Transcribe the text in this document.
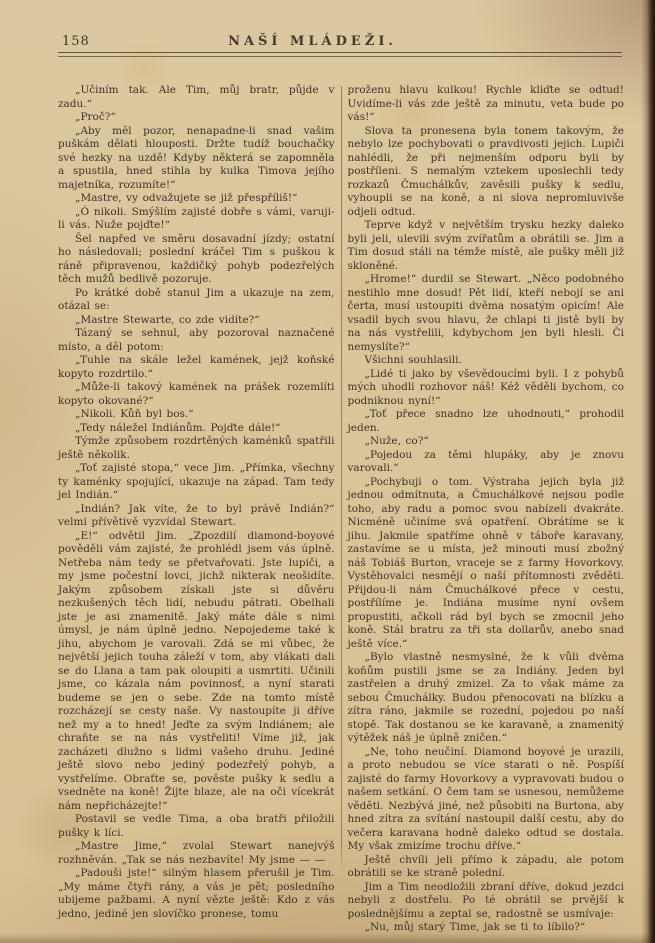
158	NAŠÍ MLÁDEŽI.

„Učiním tak. Ale Tim, můj bratr, půjde v zadu.“

„Proč?“

„Aby měl pozor, nenapadne-li snad vašim puškám dělati hlouposti. Držte tudíž bouchačky své hezky na uzdě! Kdyby některá se zapomněla a spustila, hned stihla by kulka Timova jejího majetníka, rozumíte!“

„Mastre, vy odvažujete se již přespříliš!“

„Ó nikoli. Smýšlím zajisté dobře s vámi, varuji-li vás. Nuže pojďte!“

Šel napřed ve směru dosavadní jízdy; ostatní ho následovali; poslední kráčel Tim s puškou k ráně připravenou, každičký pohyb podezřelých těch mužů bedlivě pozoruje.

Po krátké době stanul Jim a ukazuje na zem, otázal se:

„Mastre Stewarte, co zde vidíte?“

Tázaný se sehnul, aby pozoroval naznačené místo, a děl potom:

„Tuhle na skále ležel kamének, jejž koňské kopyto rozdrtilo.“

„Může-li takový kamének na prášek rozemlíti kopyto okované?“

„Nikoli. Kůň byl bos.“

„Tedy náležel Indiánům. Pojďte dále!“

Týmže způsobem rozdrtěných kaménků spatřili ještě několik.

„Toť zajisté stopa,“ vece Jim. „Přímka, všechny ty kaménky spojující, ukazuje na západ. Tam tedy jel Indián.“

„Indián? Jak víte, že to byl právě Indián?“ velmi přívětivě vyzvídal Stewart.

„E!“ odvětil Jim. „Zpozdilí diamond-boyové pověděli vám zajisté, že prohlédl jsem vás úplně. Netřeba nám tedy se přetvařovati. Jste lupiči, a my jsme počestní lovci, jichž nikterak neošidíte. Jakým způsobem získali jste si důvěru nezkušených těch lidí, nebudu pátrati. Obelhali jste je asi znamenitě. Jaký máte dále s nimi úmysl, je nám úplně jedno. Nepojedeme také k jihu, abychom je varovali. Zdá se mi vůbec, že největší jejich touha záleží v tom, aby vlákati dali se do Llana a tam pak oloupiti a usmrtiti. Učinili jsme, co kázala nám povinnosť, a nyní starati budeme se jen o sebe. Zde na tomto místě rozcházejí se cesty naše. Vy nastoupíte ji dříve než my a to hned! Jeďte za svým Indiánem; ale chraňte se na nás vystřeliti! Víme již, jak zacházeti dlužno s lidmi vašeho druhu. Jediné ještě slovo nebo jediný podezřelý pohyb, a vystřelíme. Obraťte se, pověste pušky k sedlu a vsedněte na koně! Žijte blaze, ale na oči vícekrát nám nepřicházejte!“

Postavil se vedle Tima, a oba bratři přiložili pušky k líci.

„Mastre Jime,“ zvolal Stewart nanejvýš rozhněván. „Tak se nás nezbavíte! My jsme — —

„Padouši jste!“ silným hlasem přerušil je Tim. „My máme čtyři rány, a vás je pět; posledního ubijeme pažbami. A nyní vězte ještě: Kdo z vás jedno, jediné jen slovíčko pronese, tomu

proženu hlavu kulkou! Rychle kliďte se odtud! Uvidíme-li vás zde ještě za minutu, veta bude po vás!“

Slova ta pronesena byla tonem takovým, že nebylo lze pochybovati o pravdivosti jejich. Lupiči nahlédli, že při nejmenším odporu byli by postříleni. S nemalým vztekem uposlechli tedy rozkazů Čmuchálkův, zavěsili pušky k sedlu, vyhoupli se na koně, a ni slova nepromluvivše odjeli odtud.

Teprve když v největším trysku hezky daleko byli jeli, ulevili svým zvířatům a obrátili se. Jim a Tim dosud stáli na témže místě, ale pušky měli již skloněné.

„Hrome!“ durdil se Stewart. „Něco podobného nestihlo mne dosud! Pět lidí, kteří nebojí se ani čerta, musí ustoupiti dvěma nosatým opicím! Ale vsadil bych svou hlavu, že chlapi ti jistě byli by na nás vystřelili, kdybychom jen byli hlesli. Či nemyslíte?“

Všichni souhlasili.

„Lidé ti jako by vševědoucími byli. I z pohybů mých uhodli rozhovor náš! Kéž věděli bychom, co podniknou nyní!“

„Toť přece snadno lze uhodnouti,“ prohodil jeden.

„Nuže, co?“

„Pojedou za těmi hlupáky, aby je znovu varovali.“

„Pochybuji o tom. Výstraha jejich byla již jednou odmítnuta, a Čmuchálkové nejsou podle toho, aby radu a pomoc svou nabízeli dvakráte. Nicméně učiníme svá opatření. Obrátíme se k jihu. Jakmile spatříme ohně v táboře karavany, zastavíme se u místa, jež minouti musí zbožný náš Tobiáš Burton, vraceje se z farmy Hovorkovy. Vystěhovalci nesmějí o naší přítomnosti zvěděti. Přijdou-li nám Čmuchálkové přece v cestu, postřílíme je. Indiána musíme nyní ovšem propustiti, ačkoli rád byl bych se zmocnil jeho koně. Stál bratru za tři sta dollarův, anebo snad ještě více.“

„Bylo vlastně nesmyslné, že k vůli dvěma koňům pustili jsme se za Indiány. Jeden byl zastřelen a druhý zmizel. Za to však máme za sebou Čmuchálky. Budou přenocovati na blízku a zítra ráno, jakmile se rozední, pojedou po naší stopě. Tak dostanou se ke karavaně, a znamenitý výtěžek náš je úplně zničen.“

„Ne, toho neučiní. Diamond boyové je urazili, a proto nebudou se více starati o ně. Pospíší zajisté do farmy Hovorkovy a vypravovati budou o našem setkání. O čem tam se usnesou, nemůžeme věděti. Nezbývá jiné, než působiti na Burtona, aby hned zítra za svítání nastoupil další cestu, aby do večera karavana hodně daleko odtud se dostala. My však zmizíme trochu dříve.“

Ještě chvíli jeli přímo k západu, ale potom obrátili se ke straně polední.

Jim a Tim neodložili zbraní dříve, dokud jezdci nebyli z dostřelu. Po té obrátil se prvější k poslednějšímu a zeptal se, radostně se usmívaje:

„Nu, můj starý Time, jak se ti to líbilo?“
